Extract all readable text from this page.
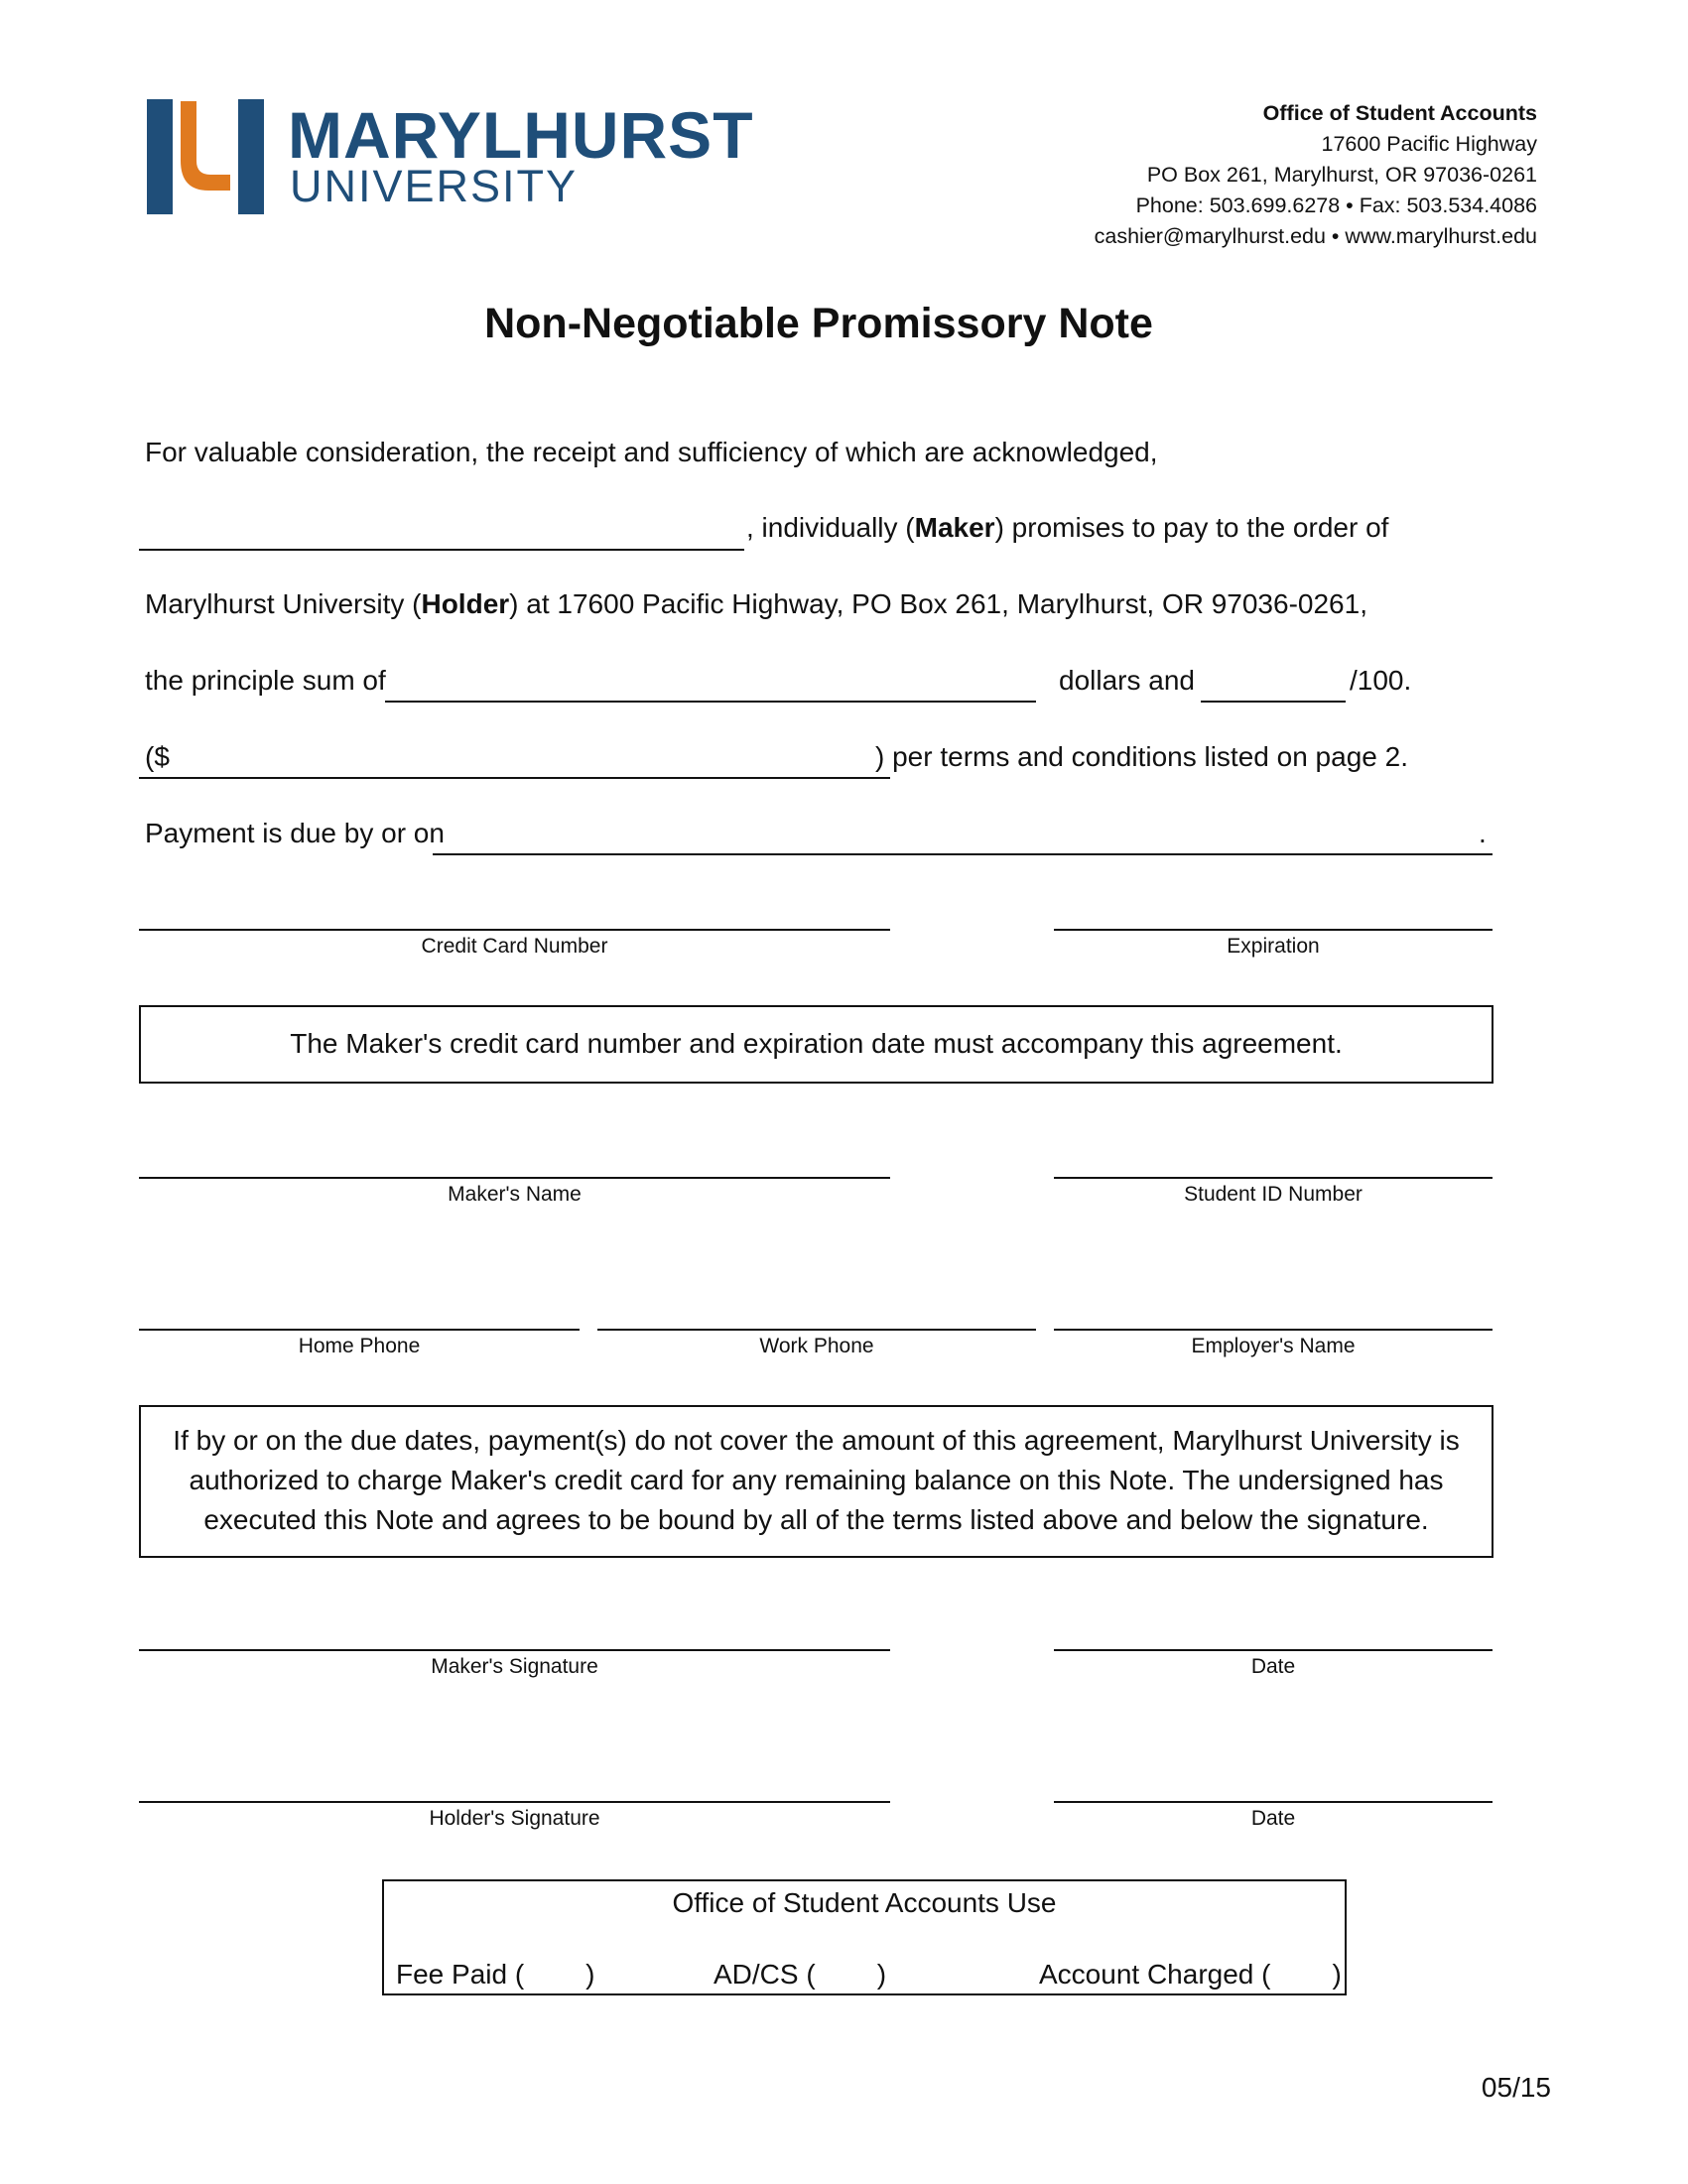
MARYLHURST
UNIVERSITY
Office of Student Accounts
17600 Pacific Highway
PO Box 261, Marylhurst, OR 97036-0261
Phone: 503.699.6278 • Fax: 503.534.4086
cashier@marylhurst.edu • www.marylhurst.edu
Non-Negotiable Promissory Note
For valuable consideration, the receipt and sufficiency of which are acknowledged,
, individually (Maker) promises to pay to the order of
Marylhurst University (Holder) at 17600 Pacific Highway, PO Box 261, Marylhurst, OR 97036-0261,
the principle sum of	dollars and	/100.
($	) per terms and conditions listed on page 2.
Payment is due by or on	.
Credit Card Number	Expiration
The Maker's credit card number and expiration date must accompany this agreement.
Maker's Name	Student ID Number
Home Phone	Work Phone	Employer's Name
If by or on the due dates, payment(s) do not cover the amount of this agreement, Marylhurst University is
authorized to charge Maker's credit card for any remaining balance on this Note. The undersigned has
executed this Note and agrees to be bound by all of the terms listed above and below the signature.
Maker's Signature	Date
Holder's Signature	Date
Office of Student Accounts Use
Fee Paid ( )	AD/CS ( )	Account Charged ( )
05/15
